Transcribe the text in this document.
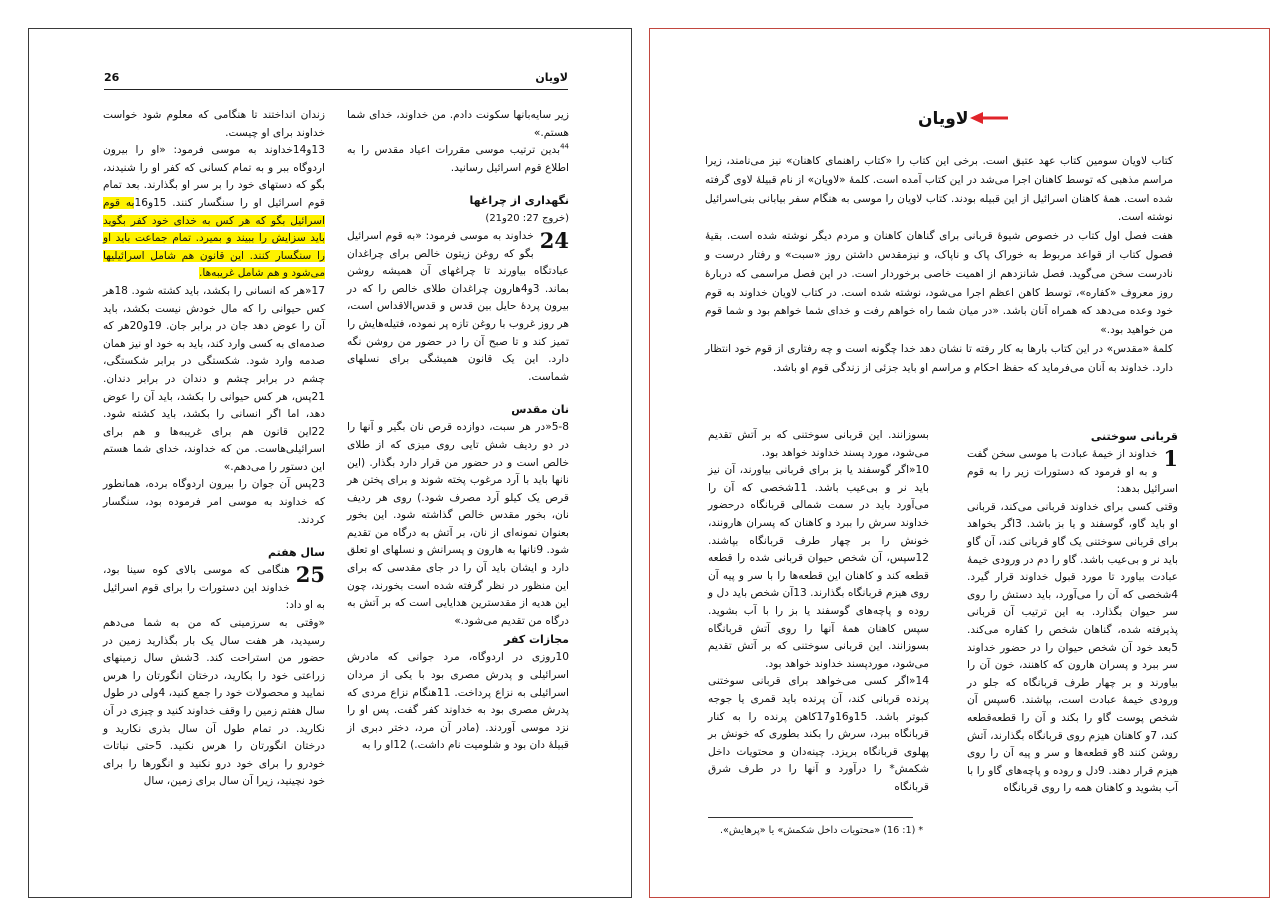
لاویان
26

زیر سایه‌بانها سکونت دادم. من خداوند، خدای شما هستم.»

$^{44}$بدین ترتیب موسی مقررات اعیاد مقدس را به اطلاع قوم اسرائیل رسانید.

نگهداری از چراغها

(خروج 27: 20و21)

24
خداوند به موسی فرمود: «به قوم اسرائیل بگو که روغن زیتون خالص برای چراغدان عبادتگاه بیاورند تا چراغهای آن همیشه روشن بماند. 3و4هارون چراغدان طلای خالص را که در بیرون پردهٔ حایل بین قدس و قدس‌الاقداس است، هر روز غروب با روغن تازه پر نموده، فتیله‌هایش را تمیز کند و تا صبح آن را در حضور من روشن نگه دارد. این یک قانون همیشگی برای نسلهای شماست.

نان مقدس

5-8«در هر سبت، دوازده قرص نان بگیر و آنها را در دو ردیف شش تایی روی میزی که از طلای خالص است و در حضور من قرار دارد بگذار. (این نانها باید با آرد مرغوب پخته شوند و برای پختن هر قرص یک کیلو آرد مصرف شود.) روی هر ردیف نان، بخور مقدس خالص گذاشته شود. این بخور بعنوان نمونه‌ای از نان، بر آتش به درگاه من تقدیم شود. 9نانها به هارون و پسرانش و نسلهای او تعلق دارد و ایشان باید آن را در جای مقدسی که برای این منظور در نظر گرفته شده است بخورند، چون این هدیه از مقدسترین هدایایی است که بر آتش به درگاه من تقدیم می‌شود.»

مجازات کفر

10روزی در اردوگاه، مرد جوانی که مادرش اسرائیلی و پدرش مصری بود با یکی از مردان اسرائیلی به نزاع پرداخت. 11هنگام نزاع مردی که پدرش مصری بود به خداوند کفر گفت. پس او را نزد موسی آوردند. (مادر آن مرد، دختر دبری از قبیلهٔ دان بود و شلومیت نام داشت.) 12او را به

زندان انداختند تا هنگامی که معلوم شود خواست خداوند برای او چیست.

13و14خداوند به موسی فرمود: «او را بیرون اردوگاه ببر و به تمام کسانی که کفر او را شنیدند، بگو که دستهای خود را بر سر او بگذارند. بعد تمام قوم اسرائیل او را سنگسار کنند. 15و16به قوم اسرائیل بگو که هر کس به خدای خود کفر بگوید باید سزایش را ببیند و بمیرد. تمام جماعت باید او را سنگسار کنند. این قانون هم شامل اسرائیلیها می‌شود و هم شامل غریبه‌ها.

17«هر که انسانی را بکشد، باید کشته شود. 18هر کس حیوانی را که مال خودش نیست بکشد، باید آن را عوض دهد جان در برابر جان. 19و20هر که صدمه‌ای به کسی وارد کند، باید به خود او نیز همان صدمه وارد شود. شکستگی در برابر شکستگی، چشم در برابر چشم و دندان در برابر دندان. 21پس، هر کس حیوانی را بکشد، باید آن را عوض دهد، اما اگر انسانی را بکشد، باید کشته شود. 22این قانون هم برای غریبه‌ها و هم برای اسرائیلی‌هاست. من که خداوند، خدای شما هستم این دستور را می‌دهم.»

23پس آن جوان را بیرون اردوگاه برده، همانطور که خداوند به موسی امر فرموده بود، سنگسار کردند.

سال هفتم

25
هنگامی که موسی بالای کوه سینا بود، خداوند این دستورات را برای قوم اسرائیل به او داد:

«وقتی به سرزمینی که من به شما می‌دهم رسیدید، هر هفت سال یک بار بگذارید زمین در حضور من استراحت کند. 3شش سال زمینهای زراعتی خود را بکارید، درختان انگورتان را هرس نمایید و محصولات خود را جمع کنید، 4ولی در طول سال هفتم زمین را وقف خداوند کنید و چیزی در آن نکارید. در تمام طول آن سال بذری نکارید و درختان انگورتان را هرس نکنید. 5حتی نباتات خودرو را برای خود درو نکنید و انگورها را برای خود نچینید، زیرا آن سال برای زمین، سال

لاویان

کتاب لاویان سومین کتاب عهد عتیق است. برخی این کتاب را «کتاب راهنمای کاهنان» نیز می‌نامند، زیرا مراسم مذهبی که توسط کاهنان اجرا می‌شد در این کتاب آمده است. کلمهٔ «لاویان» از نام قبیلهٔ لاوی گرفته شده است. همهٔ کاهنان اسرائیل از این قبیله بودند. کتاب لاویان را موسی به هنگام سفر بیابانی بنی‌اسرائیل نوشته است.

هفت فصل اول کتاب در خصوص شیوهٔ قربانی برای گناهان کاهنان و مردم دیگر نوشته شده است. بقیهٔ فصول کتاب از قواعد مربوط به خوراک پاک و ناپاک، و نیزمقدس داشتن روز «سبت» و رفتار درست و نادرست سخن می‌گوید. فصل شانزدهم از اهمیت خاصی برخوردار است. در این فصل مراسمی که دربارهٔ روز معروف «کفاره»، توسط کاهن اعظم اجرا می‌شود، نوشته شده است. در کتاب لاویان خداوند به قوم خود وعده می‌دهد که همراه آنان باشد. «در میان شما راه خواهم رفت و خدای شما خواهم بود و شما قوم من خواهید بود.»

کلمهٔ «مقدس» در این کتاب بارها به کار رفته تا نشان دهد خدا چگونه است و چه رفتاری از قوم خود انتظار دارد. خداوند به آنان می‌فرماید که حفظ احکام و مراسم او باید جزئی از زندگی قوم او باشد.

قربانی سوختنی

1
خداوند از خیمهٔ عبادت با موسی سخن گفت و به او فرمود که دستورات زیر را به قوم اسرائیل بدهد:

وقتی کسی برای خداوند قربانی می‌کند، قربانی او باید گاو، گوسفند و یا بز باشد. 3اگر بخواهد برای قربانی سوختنی یک گاو قربانی کند، آن گاو باید نر و بی‌عیب باشد. گاو را دم در ورودی خیمهٔ عبادت بیاورد تا مورد قبول خداوند قرار گیرد. 4شخصی که آن را می‌آورد، باید دستش را روی سر حیوان بگذارد. به این ترتیب آن قربانی پذیرفته شده، گناهان شخص را کفاره می‌کند. 5بعد خود آن شخص حیوان را در حضور خداوند سر ببرد و پسران هارون که کاهنند، خون آن را بیاورند و بر چهار طرف قربانگاه که جلو در ورودی خیمهٔ عبادت است، بپاشند. 6سپس آن شخص پوست گاو را بکند و آن را قطعه‌قطعه کند، 7و کاهنان هیزم روی قربانگاه بگذارند، آتش روشن کنند 8و قطعه‌ها و سر و پیه آن را روی هیزم قرار دهند. 9دل و روده و پاچه‌های گاو را با آب بشوید و کاهنان همه را روی قربانگاه

بسوزانند. این قربانی سوختنی که بر آتش تقدیم می‌شود، مورد پسند خداوند خواهد بود.

10«اگر گوسفند یا بز برای قربانی بیاورند، آن نیز باید نر و بی‌عیب باشد. 11شخصی که آن را می‌آورد باید در سمت شمالی قربانگاه درحضور خداوند سرش را ببرد و کاهنان که پسران هارونند، خونش را بر چهار طرف قربانگاه بپاشند. 12سپس، آن شخص حیوان قربانی شده را قطعه قطعه کند و کاهنان این قطعه‌ها را با سر و پیه آن روی هیزم قربانگاه بگذارند. 13آن شخص باید دل و روده و پاچه‌های گوسفند یا بز را با آب بشوید. سپس کاهنان همهٔ آنها را روی آتش قربانگاه بسوزانند. این قربانی سوختنی که بر آتش تقدیم می‌شود، موردپسند خداوند خواهد بود.

14«اگر کسی می‌خواهد برای قربانی سوختنی پرنده قربانی کند، آن پرنده باید قمری یا جوجه کبوتر باشد. 15و16و17کاهن پرنده را به کنار قربانگاه ببرد، سرش را بکند بطوری که خونش بر پهلوی قربانگاه بریزد. چینه‌دان و محتویات داخل شکمش* را درآورد و آنها را در طرف شرق قربانگاه

* (1: 16) «محتویات داخل شکمش» یا «پرهایش».
